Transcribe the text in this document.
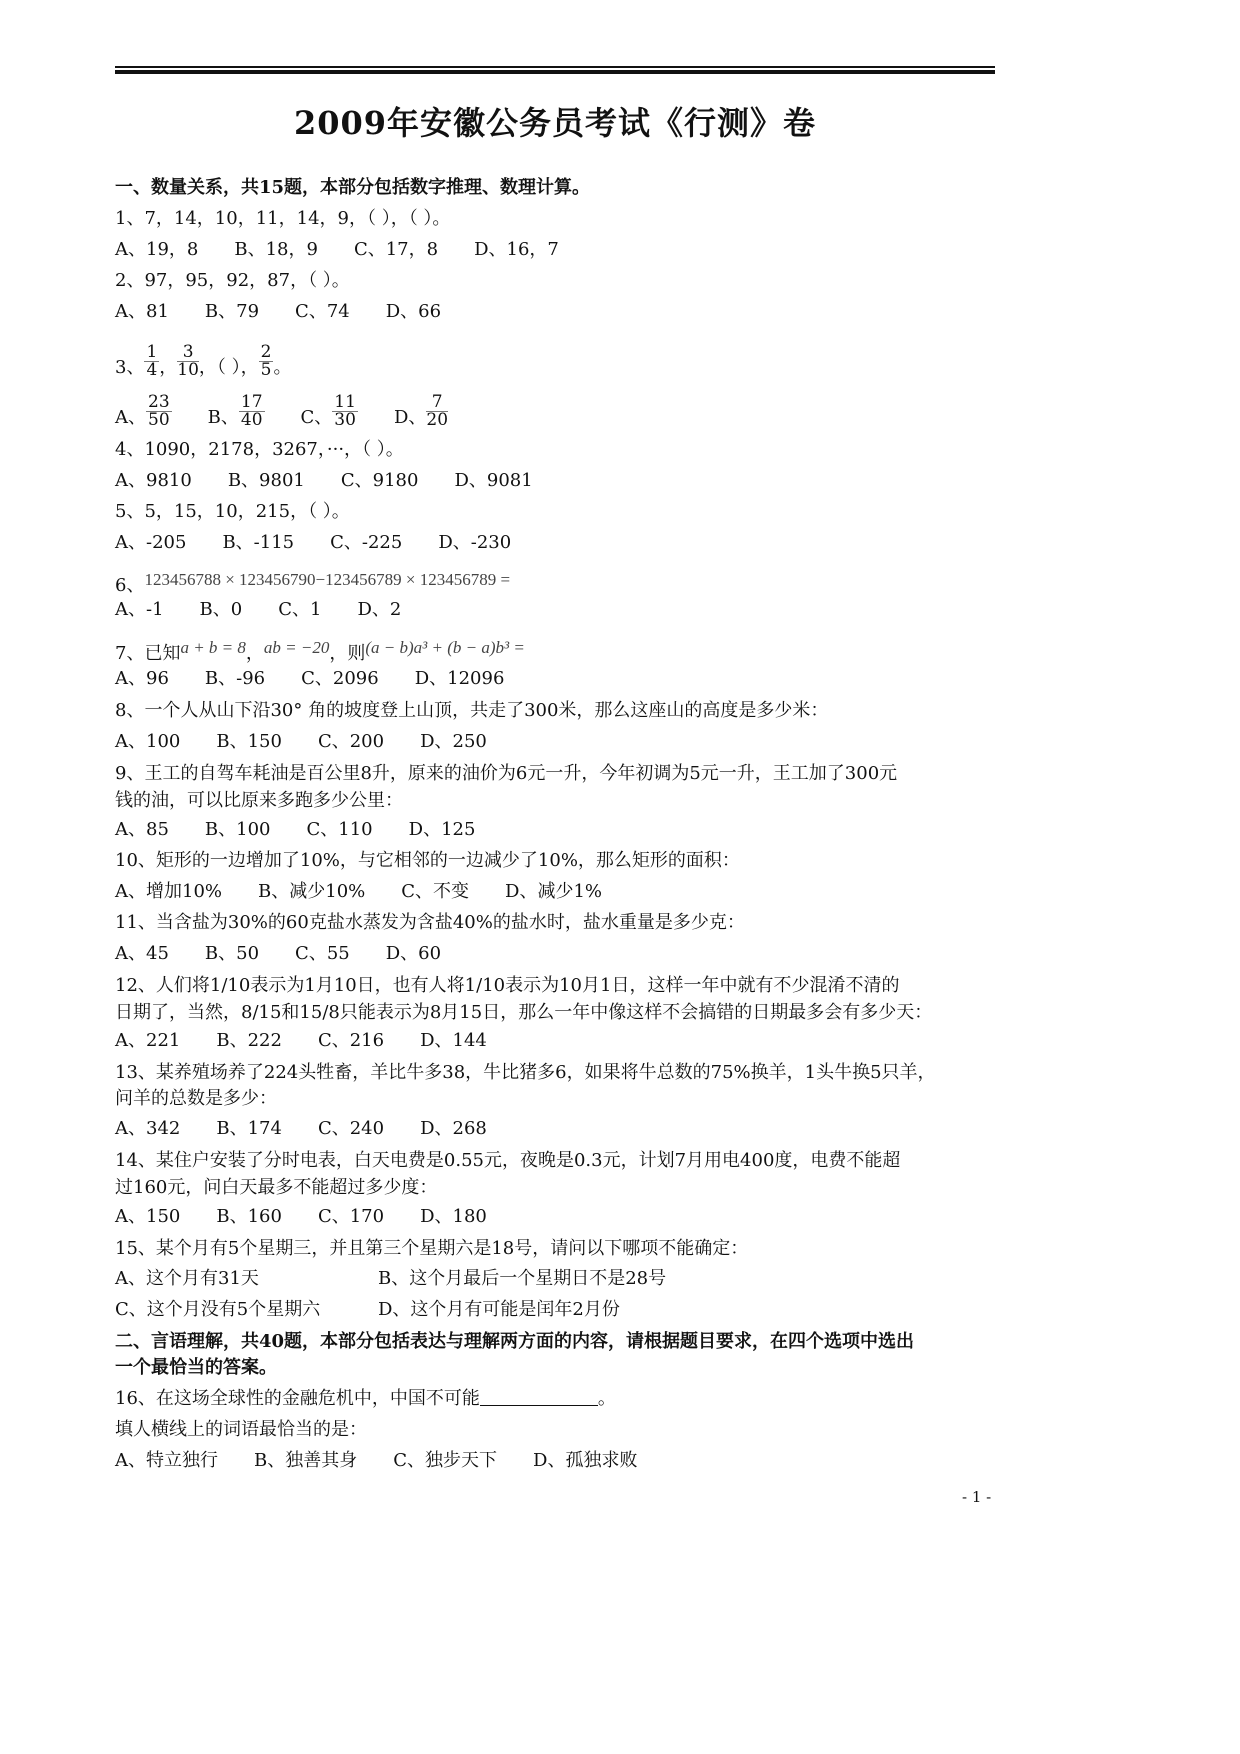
2009年安徽公务员考试《行测》卷
一、数量关系，共15题，本部分包括数字推理、数理计算。
1、7，14，10，11，14，9，（ ），（ ）。
A、19，8 B、18，9 C、17，8 D、16，7
2、97，95，92，87，（ ）。
A、81 B、79 C、74 D、66
3、 $\frac{1}{4}$ ， $\frac{3}{10}$ ，（ ）， $\frac{2}{5}$ 。
A、 $\frac{23}{50}$ B、 $\frac{17}{40}$ C、 $\frac{11}{30}$ D、 $\frac{7}{20}$
4、1090，2178，3267，···，（ ）。
A、9810 B、9801 C、9180 D、9081
5、5，15，10，215，（ ）。
A、-205 B、-115 C、-225 D、-230
6、123456788 × 123456790−123456789 × 123456789 =
A、-1 B、0 C、1 D、2
7、已知a + b = 8，ab = −20，则(a − b)a³ + (b − a)b³ =
A、96 B、-96 C、2096 D、12096
8、一个人从山下沿30° 角的坡度登上山顶，共走了300米，那么这座山的高度是多少米：
A、100 B、150 C、200 D、250
9、王工的自驾车耗油是百公里8升，原来的油价为6元一升，今年初调为5元一升，王工加了300元
钱的油，可以比原来多跑多少公里：
A、85 B、100 C、110 D、125
10、矩形的一边增加了10%，与它相邻的一边减少了10%，那么矩形的面积：
A、增加10% B、减少10% C、不变 D、减少1%
11、当含盐为30%的60克盐水蒸发为含盐40%的盐水时，盐水重量是多少克：
A、45 B、50 C、55 D、60
12、人们将1/10表示为1月10日，也有人将1/10表示为10月1日，这样一年中就有不少混淆不清的
日期了，当然，8/15和15/8只能表示为8月15日，那么一年中像这样不会搞错的日期最多会有多少天：
A、221 B、222 C、216 D、144
13、某养殖场养了224头牲畜，羊比牛多38，牛比猪多6，如果将牛总数的75%换羊，1头牛换5只羊，
问羊的总数是多少：
A、342 B、174 C、240 D、268
14、某住户安装了分时电表，白天电费是0.55元，夜晚是0.3元，计划7月用电400度，电费不能超
过160元，问白天最多不能超过多少度：
A、150 B、160 C、170 D、180
15、某个月有5个星期三，并且第三个星期六是18号，请问以下哪项不能确定：
A、这个月有31天	B、这个月最后一个星期日不是28号
C、这个月没有5个星期六	D、这个月有可能是闰年2月份
二、言语理解，共40题，本部分包括表达与理解两方面的内容，请根据题目要求，在四个选项中选出
一个最恰当的答案。
16、在这场全球性的金融危机中，中国不可能	。
填人横线上的词语最恰当的是：
A、特立独行 B、独善其身 C、独步天下 D、孤独求败
- 1 -
